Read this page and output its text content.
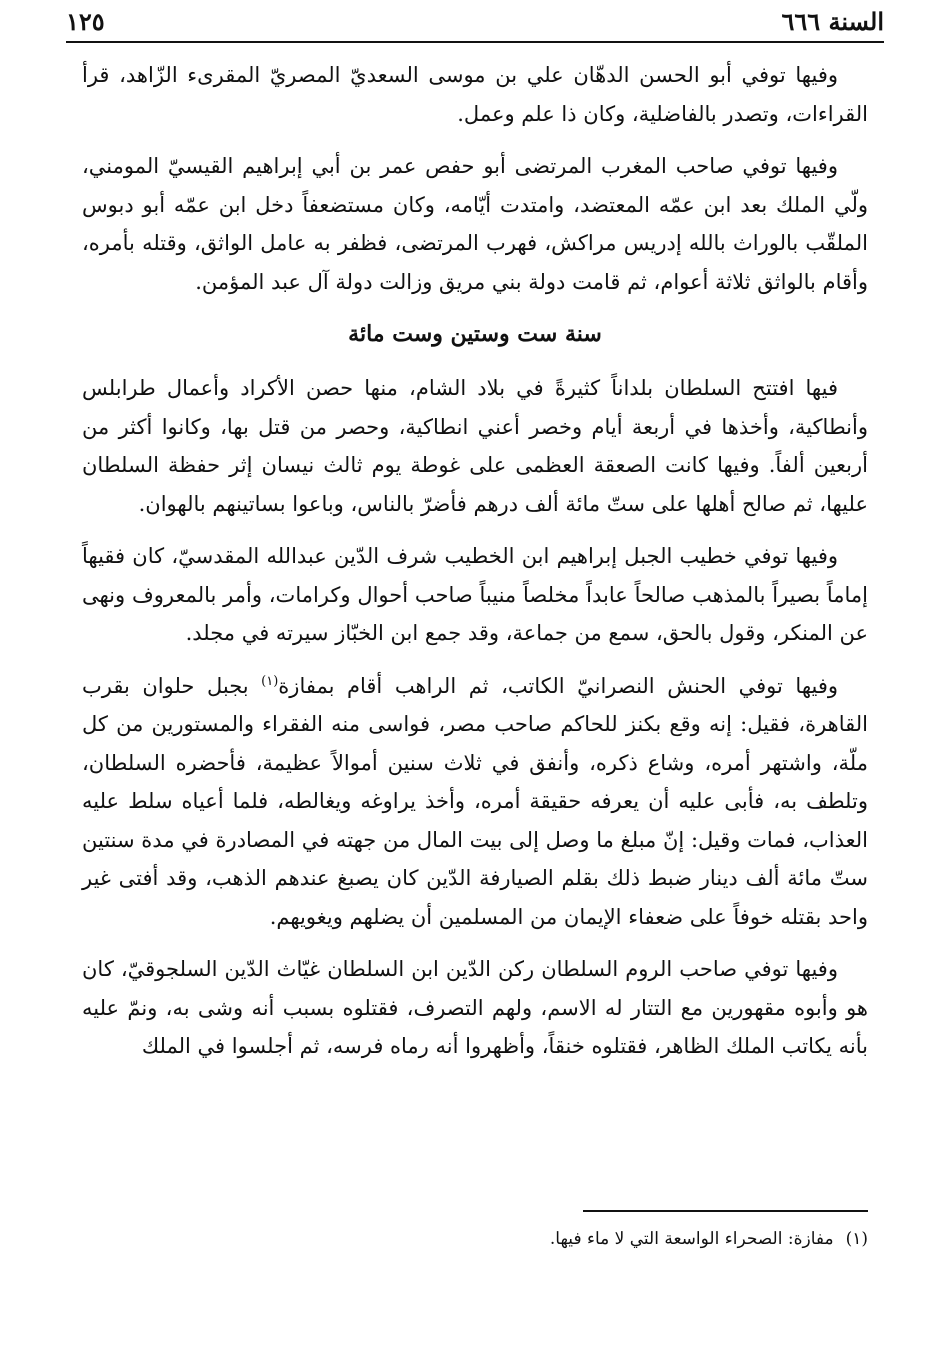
السنة ٦٦٦
١٢٥

وفيها توفي أبو الحسن الدهّان علي بن موسى السعديّ المصريّ المقرىء الزّاهد، قرأ القراءات، وتصدر بالفاضلية، وكان ذا علم وعمل.

وفيها توفي صاحب المغرب المرتضى أبو حفص عمر بن أبي إبراهيم القيسيّ المومني، ولّي الملك بعد ابن عمّه المعتضد، وامتدت أيّامه، وكان مستضعفاً دخل ابن عمّه أبو دبوس الملقّب بالوراث بالله إدريس مراكش، فهرب المرتضى، فظفر به عامل الواثق، وقتله بأمره، وأقام بالواثق ثلاثة أعوام، ثم قامت دولة بني مريق وزالت دولة آل عبد المؤمن.

سنة ست وستين وست مائة

فيها افتتح السلطان بلداناً كثيرةً في بلاد الشام، منها حصن الأكراد وأعمال طرابلس وأنطاكية، وأخذها في أربعة أيام وخصر أعني انطاكية، وحصر من قتل بها، وكانوا أكثر من أربعين ألفاً. وفيها كانت الصعقة العظمى على غوطة يوم ثالث نيسان إثر حفظة السلطان عليها، ثم صالح أهلها على ستّ مائة ألف درهم فأضرّ بالناس، وباعوا بساتينهم بالهوان.

وفيها توفي خطيب الجبل إبراهيم ابن الخطيب شرف الدّين عبدالله المقدسيّ، كان فقيهاً إماماً بصيراً بالمذهب صالحاً عابداً مخلصاً منيباً صاحب أحوال وكرامات، وأمر بالمعروف ونهى عن المنكر، وقول بالحق، سمع من جماعة، وقد جمع ابن الخبّاز سيرته في مجلد.

وفيها توفي الحنش النصرانيّ الكاتب، ثم الراهب أقام بمفازة$^{(١)}$ بجبل حلوان بقرب القاهرة، فقيل: إنه وقع بكنز للحاكم صاحب مصر، فواسى منه الفقراء والمستورين من كل ملّة، واشتهر أمره، وشاع ذكره، وأنفق في ثلاث سنين أموالاً عظيمة، فأحضره السلطان، وتلطف به، فأبى عليه أن يعرفه حقيقة أمره، وأخذ يراوغه ويغالطه، فلما أعياه سلط عليه العذاب، فمات وقيل: إنّ مبلغ ما وصل إلى بيت المال من جهته في المصادرة في مدة سنتين ستّ مائة ألف دينار ضبط ذلك بقلم الصيارفة الدّين كان يصبغ عندهم الذهب، وقد أفتى غير واحد بقتله خوفاً على ضعفاء الإيمان من المسلمين أن يضلهم ويغويهم.

وفيها توفي صاحب الروم السلطان ركن الدّين ابن السلطان غيّاث الدّين السلجوقيّ، كان هو وأبوه مقهورين مع التتار له الاسم، ولهم التصرف، فقتلوه بسبب أنه وشى به، ونمّ عليه بأنه يكاتب الملك الظاهر، فقتلوه خنقاً، وأظهروا أنه رماه فرسه، ثم أجلسوا في الملك

(١)مفازة: الصحراء الواسعة التي لا ماء فيها.
